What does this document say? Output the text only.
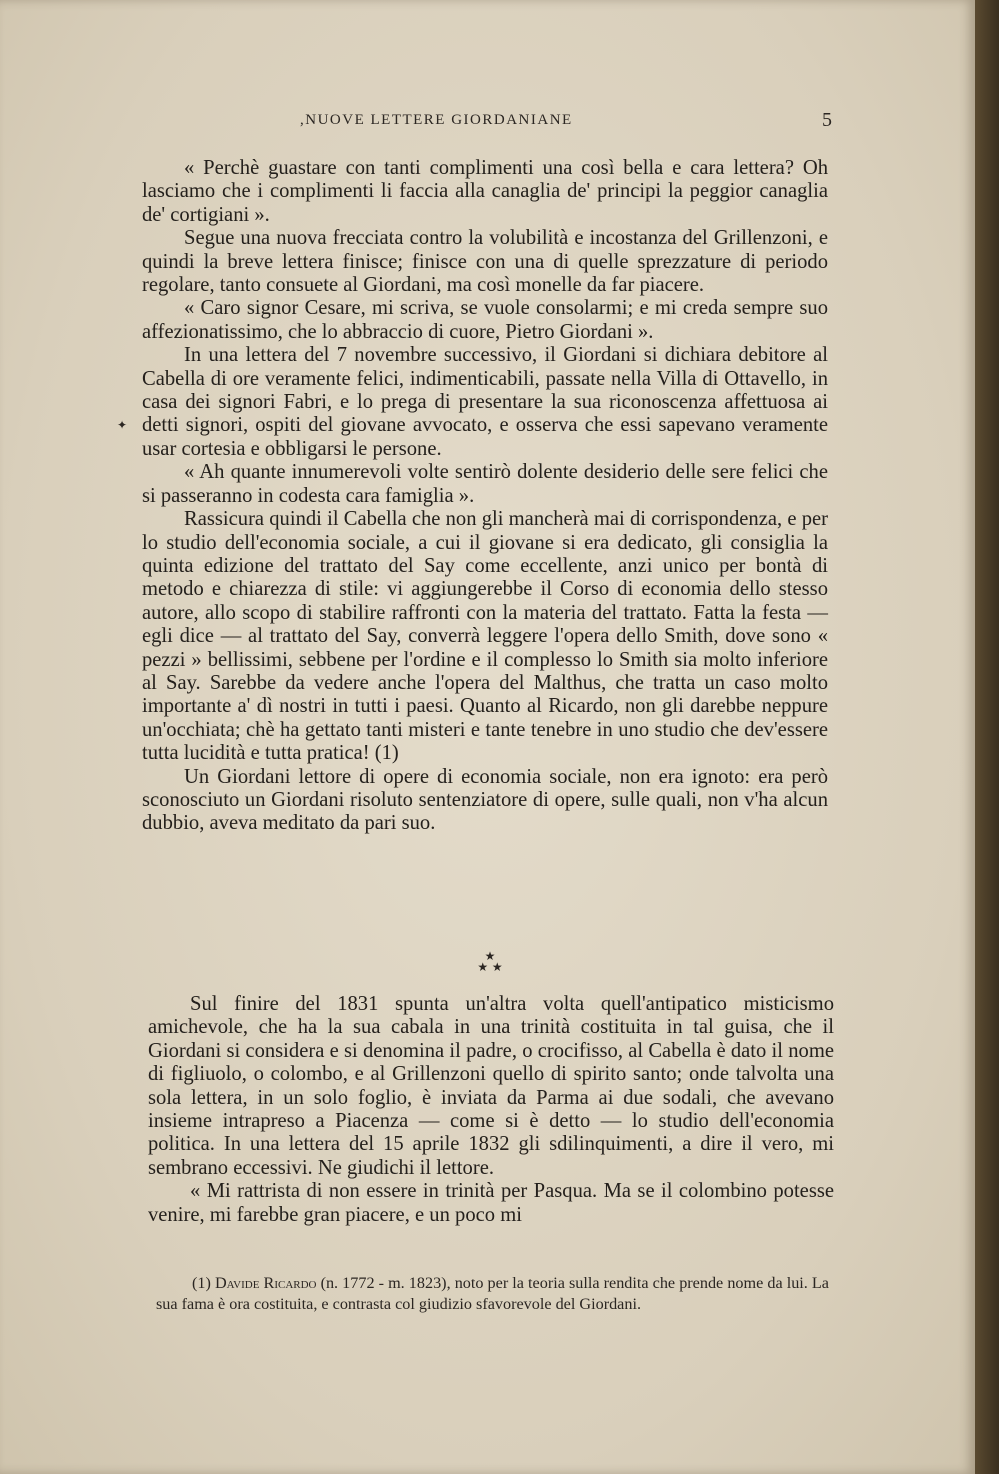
,NUOVE LETTERE GIORDANIANE	5
✦

« Perchè guastare con tanti complimenti una così bella e cara lettera? Oh lasciamo che i complimenti li faccia alla canaglia de' principi la peggior canaglia de' cortigiani ».

Segue una nuova frecciata contro la volubilità e incostanza del Grillenzoni, e quindi la breve lettera finisce; finisce con una di quelle sprezzature di periodo regolare, tanto consuete al Giordani, ma così monelle da far piacere.

« Caro signor Cesare, mi scriva, se vuole consolarmi; e mi creda sempre suo affezionatissimo, che lo abbraccio di cuore, Pietro Giordani ».

In una lettera del 7 novembre successivo, il Giordani si dichiara debitore al Cabella di ore veramente felici, indimenticabili, passate nella Villa di Ottavello, in casa dei signori Fabri, e lo prega di presentare la sua riconoscenza affettuosa ai detti signori, ospiti del giovane avvocato, e osserva che essi sapevano veramente usar cortesia e obbligarsi le persone.

« Ah quante innumerevoli volte sentirò dolente desiderio delle sere felici che si passeranno in codesta cara famiglia ».

Rassicura quindi il Cabella che non gli mancherà mai di corrispondenza, e per lo studio dell'economia sociale, a cui il giovane si era dedicato, gli consiglia la quinta edizione del trattato del Say come eccellente, anzi unico per bontà di metodo e chiarezza di stile: vi aggiungerebbe il Corso di economia dello stesso autore, allo scopo di stabilire raffronti con la materia del trattato. Fatta la festa — egli dice — al trattato del Say, converrà leggere l'opera dello Smith, dove sono « pezzi » bellissimi, sebbene per l'ordine e il complesso lo Smith sia molto inferiore al Say. Sarebbe da vedere anche l'opera del Malthus, che tratta un caso molto importante a' dì nostri in tutti i paesi. Quanto al Ricardo, non gli darebbe neppure un'occhiata; chè ha gettato tanti misteri e tante tenebre in uno studio che dev'essere tutta lucidità e tutta pratica! (1)

Un Giordani lettore di opere di economia sociale, non era ignoto: era però sconosciuto un Giordani risoluto sentenziatore di opere, sulle quali, non v'ha alcun dubbio, aveva meditato da pari suo.

★
★ ★

Sul finire del 1831 spunta un'altra volta quell'antipatico misticismo amichevole, che ha la sua cabala in una trinità costituita in tal guisa, che il Giordani si considera e si denomina il padre, o crocifisso, al Cabella è dato il nome di figliuolo, o colombo, e al Grillenzoni quello di spirito santo; onde talvolta una sola lettera, in un solo foglio, è inviata da Parma ai due sodali, che avevano insieme intrapreso a Piacenza — come si è detto — lo studio dell'economia politica. In una lettera del 15 aprile 1832 gli sdilinquimenti, a dire il vero, mi sembrano eccessivi. Ne giudichi il lettore.

« Mi rattrista di non essere in trinità per Pasqua. Ma se il colombino potesse venire, mi farebbe gran piacere, e un poco mi

(1) Davide Ricardo (n. 1772 - m. 1823), noto per la teoria sulla rendita che prende nome da lui. La sua fama è ora costituita, e contrasta col giudizio sfavorevole del Giordani.
